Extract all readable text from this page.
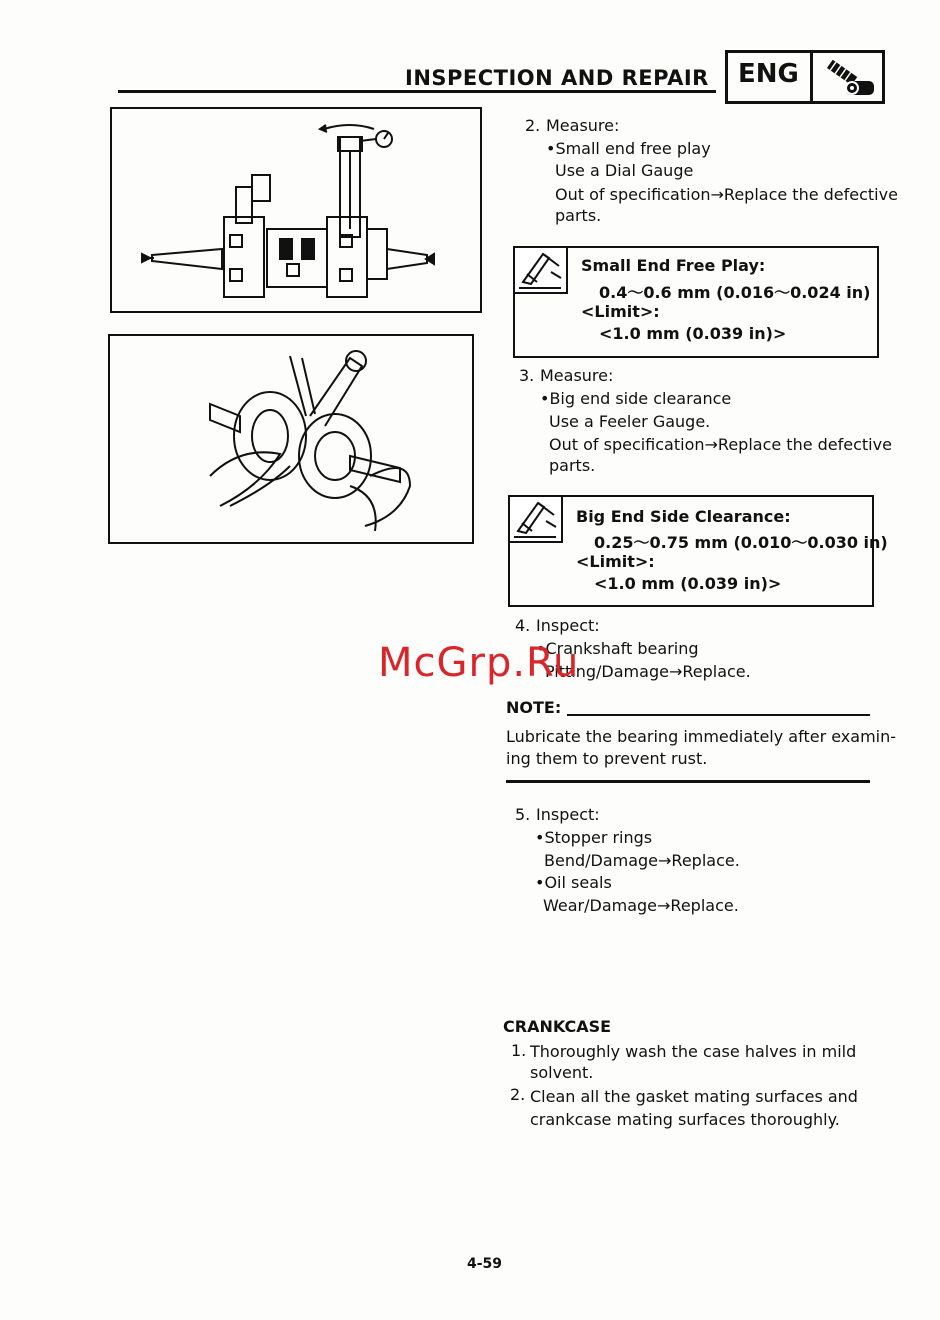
INSPECTION AND REPAIR ENG
2. Measure:
•Small end free play
Use a Dial Gauge
Out of specification→Replace the defective
parts.
Small End Free Play:
0.4～0.6 mm (0.016～0.024 in)
<Limit>:
<1.0 mm (0.039 in)>
3. Measure:
•Big end side clearance
Use a Feeler Gauge.
Out of specification→Replace the defective
parts.
Big End Side Clearance:
0.25～0.75 mm (0.010～0.030 in)
<Limit>:
<1.0 mm (0.039 in)>
4. Inspect:
•Crankshaft bearing
Pitting/Damage→Replace.
NOTE:
Lubricate the bearing immediately after examin-
ing them to prevent rust.
5. Inspect:
•Stopper rings
Bend/Damage→Replace.
•Oil seals
Wear/Damage→Replace.
CRANKCASE
1. Thoroughly wash the case halves in mild
solvent.
2. Clean all the gasket mating surfaces and
crankcase mating surfaces thoroughly.
4-59
McGrp.Ru
